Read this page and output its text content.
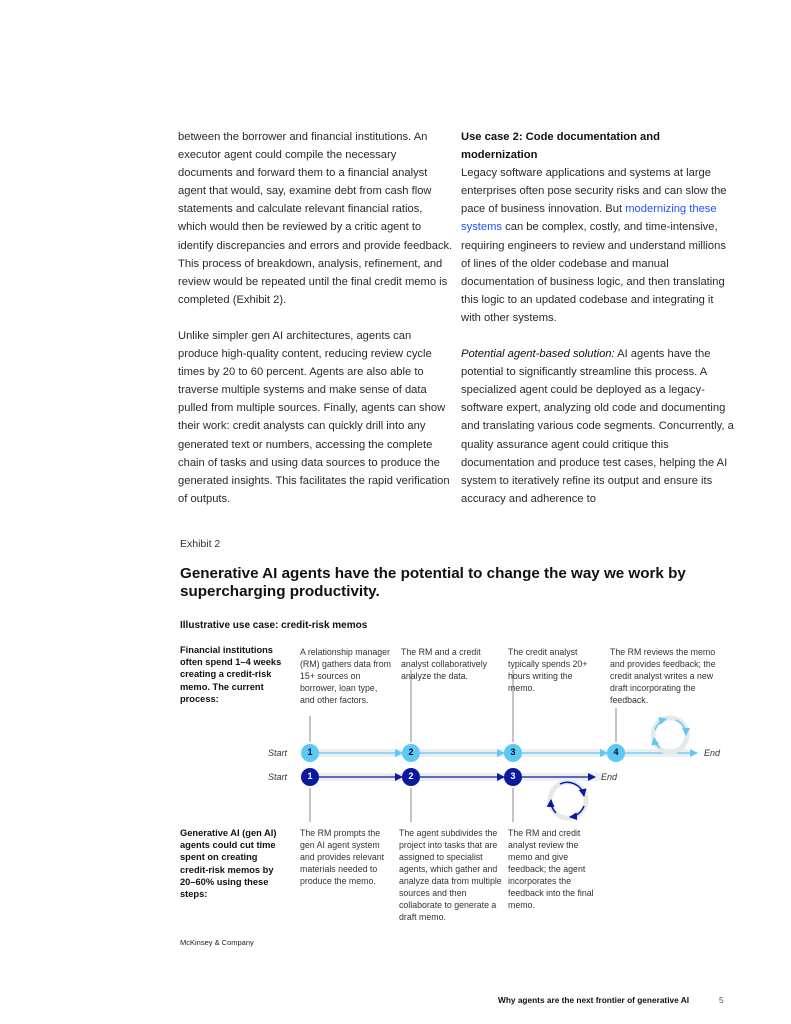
between the borrower and financial institutions. An executor agent could compile the necessary documents and forward them to a financial analyst agent that would, say, examine debt from cash flow statements and calculate relevant financial ratios, which would then be reviewed by a critic agent to identify discrepancies and errors and provide feedback. This process of breakdown, analysis, refinement, and review would be repeated until the final credit memo is completed (Exhibit 2).

Unlike simpler gen AI architectures, agents can produce high-quality content, reducing review cycle times by 20 to 60 percent. Agents are also able to traverse multiple systems and make sense of data pulled from multiple sources. Finally, agents can show their work: credit analysts can quickly drill into any generated text or numbers, accessing the complete chain of tasks and using data sources to produce the generated insights. This facilitates the rapid verification of outputs.

Use case 2: Code documentation and modernization

Legacy software applications and systems at large enterprises often pose security risks and can slow the pace of business innovation. But modernizing these systems can be complex, costly, and time-intensive, requiring engineers to review and understand millions of lines of the older codebase and manual documentation of business logic, and then translating this logic to an updated codebase and integrating it with other systems.

Potential agent-based solution: AI agents have the potential to significantly streamline this process. A specialized agent could be deployed as a legacy-software expert, analyzing old code and documenting and translating various code segments. Concurrently, a quality assurance agent could critique this documentation and produce test cases, helping the AI system to iteratively refine its output and ensure its accuracy and adherence to

Exhibit 2
Generative AI agents have the potential to change the way we work by supercharging productivity.
Illustrative use case: credit-risk memos
1	2	3	4
1	2	3
Start	End
Start	End
Financial institutions often spend 1–4 weeks creating a credit-risk memo. The current process:
Generative AI (gen AI) agents could cut time spent on creating credit-risk memos by 20–60% using these steps:
A relationship manager (RM) gathers data from 15+ sources on borrower, loan type, and other factors.
The RM and a credit analyst collaboratively analyze the data.
The credit analyst typically spends 20+ hours writing the memo.
The RM reviews the memo and provides feedback; the credit analyst writes a new draft incorporating the feedback.
The RM prompts the gen AI agent system and provides relevant materials needed to produce the memo.
The agent subdivides the project into tasks that are assigned to specialist agents, which gather and analyze data from multiple sources and then collaborate to generate a draft memo.
The RM and credit analyst review the memo and give feedback; the agent incorporates the feedback into the final memo.
McKinsey & Company
Why agents are the next frontier of generative AI	5
